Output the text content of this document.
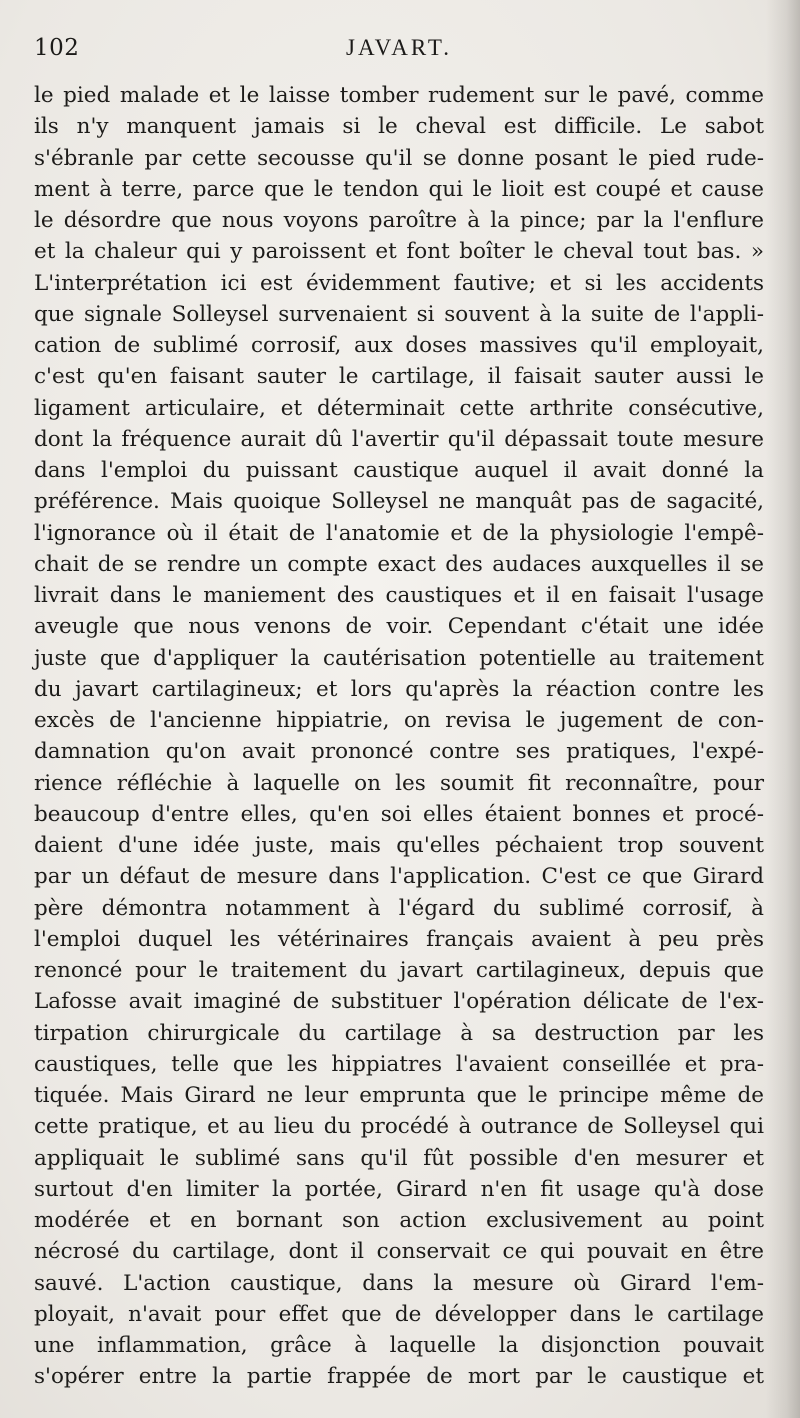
102	JAVART.
le pied malade et le laisse tomber rudement sur le pavé, comme
ils n'y manquent jamais si le cheval est difficile. Le sabot
s'ébranle par cette secousse qu'il se donne posant le pied rude-
ment à terre, parce que le tendon qui le lioit est coupé et cause
le désordre que nous voyons paroître à la pince; par la l'enflure
et la chaleur qui y paroissent et font boîter le cheval tout bas. »
L'interprétation ici est évidemment fautive; et si les accidents
que signale Solleysel survenaient si souvent à la suite de l'appli-
cation de sublimé corrosif, aux doses massives qu'il employait,
c'est qu'en faisant sauter le cartilage, il faisait sauter aussi le
ligament articulaire, et déterminait cette arthrite consécutive,
dont la fréquence aurait dû l'avertir qu'il dépassait toute mesure
dans l'emploi du puissant caustique auquel il avait donné la
préférence. Mais quoique Solleysel ne manquât pas de sagacité,
l'ignorance où il était de l'anatomie et de la physiologie l'empê-
chait de se rendre un compte exact des audaces auxquelles il se
livrait dans le maniement des caustiques et il en faisait l'usage
aveugle que nous venons de voir. Cependant c'était une idée
juste que d'appliquer la cautérisation potentielle au traitement
du javart cartilagineux; et lors qu'après la réaction contre les
excès de l'ancienne hippiatrie, on revisa le jugement de con-
damnation qu'on avait prononcé contre ses pratiques, l'expé-
rience réfléchie à laquelle on les soumit fit reconnaître, pour
beaucoup d'entre elles, qu'en soi elles étaient bonnes et procé-
daient d'une idée juste, mais qu'elles péchaient trop souvent
par un défaut de mesure dans l'application. C'est ce que Girard
père démontra notamment à l'égard du sublimé corrosif, à
l'emploi duquel les vétérinaires français avaient à peu près
renoncé pour le traitement du javart cartilagineux, depuis que
Lafosse avait imaginé de substituer l'opération délicate de l'ex-
tirpation chirurgicale du cartilage à sa destruction par les
caustiques, telle que les hippiatres l'avaient conseillée et pra-
tiquée. Mais Girard ne leur emprunta que le principe même de
cette pratique, et au lieu du procédé à outrance de Solleysel qui
appliquait le sublimé sans qu'il fût possible d'en mesurer et
surtout d'en limiter la portée, Girard n'en fit usage qu'à dose
modérée et en bornant son action exclusivement au point
nécrosé du cartilage, dont il conservait ce qui pouvait en être
sauvé. L'action caustique, dans la mesure où Girard l'em-
ployait, n'avait pour effet que de développer dans le cartilage
une inflammation, grâce à laquelle la disjonction pouvait
s'opérer entre la partie frappée de mort par le caustique et
